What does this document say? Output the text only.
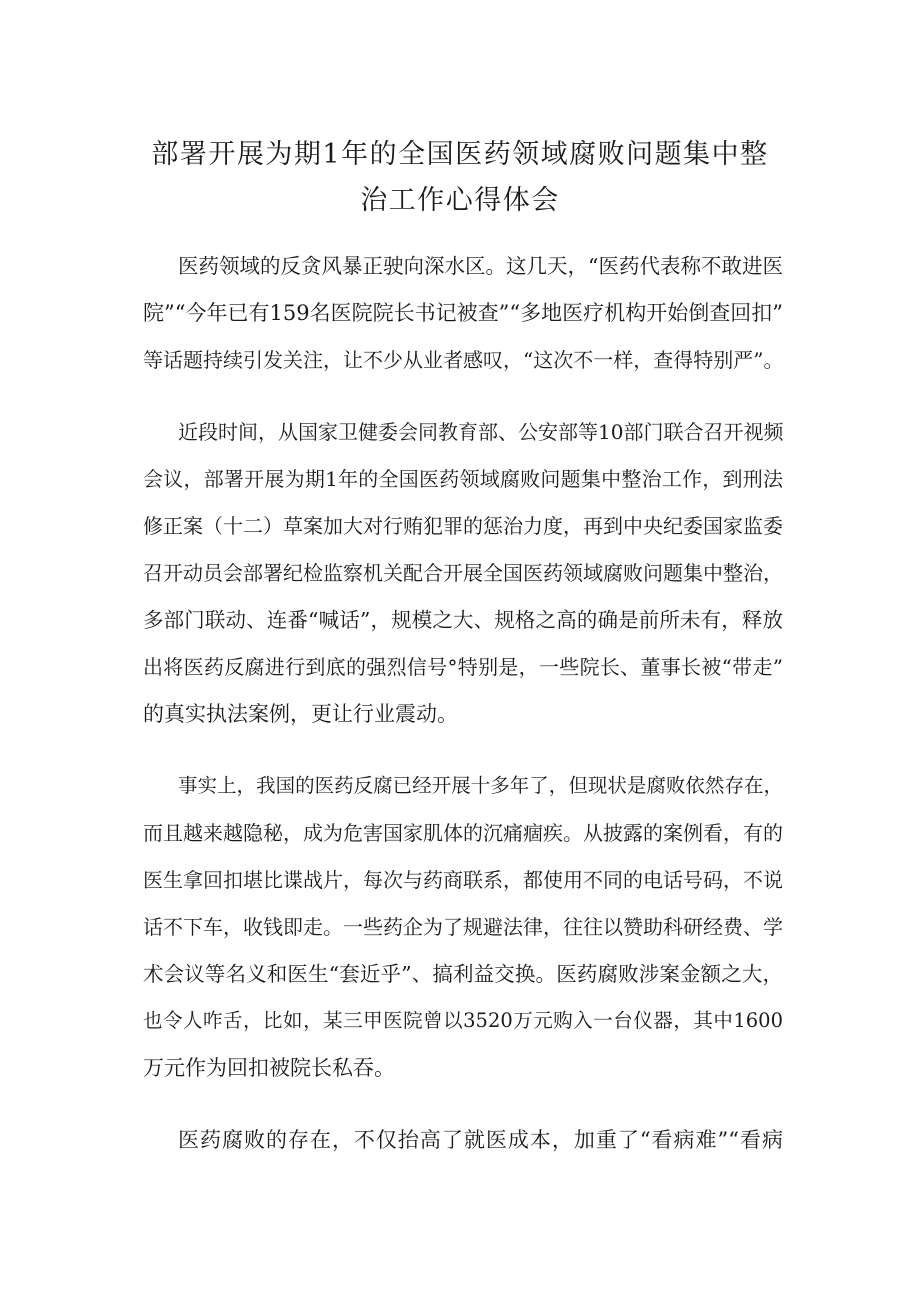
部署开展为期1年的全国医药领域腐败问题集中整
治工作心得体会

医药领域的反贪风暴正驶向深水区。这几天，“医药代表称不敢进医

院”“今年已有159名医院院长书记被查”“多地医疗机构开始倒查回扣”

等话题持续引发关注，让不少从业者感叹，“这次不一样，查得特别严”。

近段时间，从国家卫健委会同教育部、公安部等10部门联合召开视频

会议，部署开展为期1年的全国医药领域腐败问题集中整治工作，到刑法

修正案（十二）草案加大对行贿犯罪的惩治力度，再到中央纪委国家监委

召开动员会部署纪检监察机关配合开展全国医药领域腐败问题集中整治，

多部门联动、连番“喊话”，规模之大、规格之高的确是前所未有，释放

出将医药反腐进行到底的强烈信号°特别是，一些院长、董事长被“带走”

的真实执法案例，更让行业震动。

事实上，我国的医药反腐已经开展十多年了，但现状是腐败依然存在，

而且越来越隐秘，成为危害国家肌体的沉痛痼疾。从披露的案例看，有的

医生拿回扣堪比谍战片，每次与药商联系，都使用不同的电话号码，不说

话不下车，收钱即走。一些药企为了规避法律，往往以赞助科研经费、学

术会议等名义和医生“套近乎”、搞利益交换。医药腐败涉案金额之大，

也令人咋舌，比如，某三甲医院曾以3520万元购入一台仪器，其中1600

万元作为回扣被院长私吞。

医药腐败的存在，不仅抬高了就医成本，加重了“看病难”“看病
